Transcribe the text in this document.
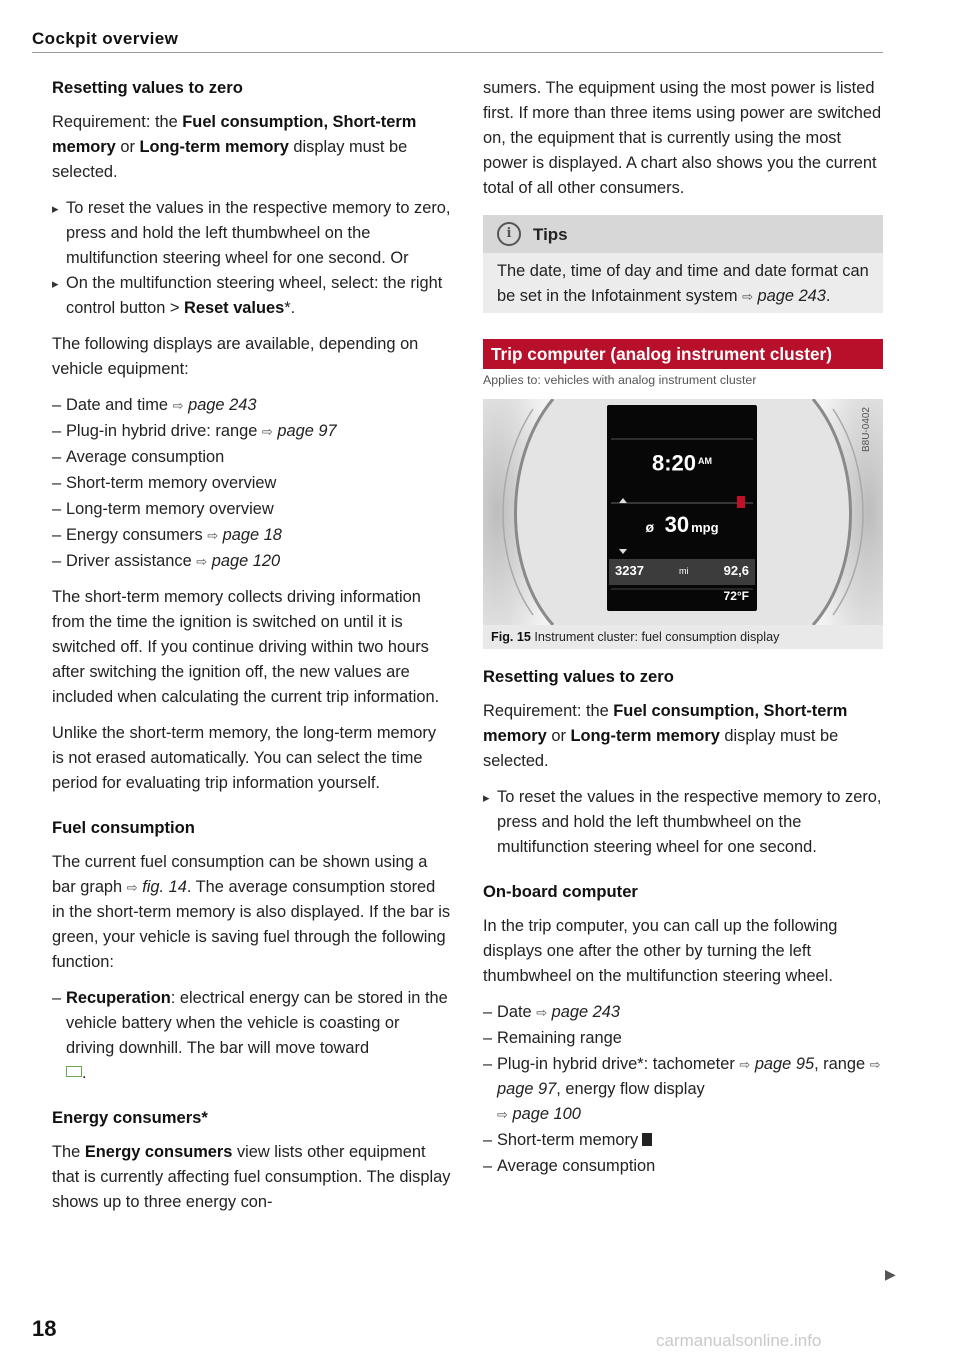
Cockpit overview
Resetting values to zero

Requirement: the Fuel consumption, Short-term memory or Long-term memory display must be selected.

▸ To reset the values in the respective memory to zero, press and hold the left thumbwheel on the multifunction steering wheel for one second. Or
▸ On the multifunction steering wheel, select: the right control button > Reset values*.

The following displays are available, depending on vehicle equipment:

– Date and time ⇨ page 243
– Plug-in hybrid drive: range ⇨ page 97
– Average consumption
– Short-term memory overview
– Long-term memory overview
– Energy consumers ⇨ page 18
– Driver assistance ⇨ page 120

The short-term memory collects driving information from the time the ignition is switched on until it is switched off. If you continue driving within two hours after switching the ignition off, the new values are included when calculating the current trip information.

Unlike the short-term memory, the long-term memory is not erased automatically. You can select the time period for evaluating trip information yourself.

Fuel consumption

The current fuel consumption can be shown using a bar graph ⇨ fig. 14. The average consumption stored in the short-term memory is also displayed. If the bar is green, your vehicle is saving fuel through the following function:

– Recuperation: electrical energy can be stored in the vehicle battery when the vehicle is coasting or driving downhill. The bar will move toward
.
Energy consumers*

The Energy consumers view lists other equipment that is currently affecting fuel consumption. The display shows up to three energy con-

sumers. The equipment using the most power is listed first. If more than three items using power are switched on, the equipment that is currently using the most power is displayed. A chart also shows you the current total of all other consumers.

i	Tips
The date, time of day and time and date format can be set in the Infotainment system ⇨ page 243.
Trip computer (analog instrument cluster)
Applies to: vehicles with analog instrument cluster
B8U-0402
8:20 $^{AM}$
ø 30 mpg
3237	mi	92,6
72°F
Fig. 15 Instrument cluster: fuel consumption display
Resetting values to zero

Requirement: the Fuel consumption, Short-term memory or Long-term memory display must be selected.

▸ To reset the values in the respective memory to zero, press and hold the left thumbwheel on the multifunction steering wheel for one second.
On-board computer

In the trip computer, you can call up the following displays one after the other by turning the left thumbwheel on the multifunction steering wheel.

– Date ⇨ page 243
– Remaining range
– Plug-in hybrid drive*: tachometer ⇨ page 95, range ⇨ page 97, energy flow display
⇨ page 100
– Short-term memory
– Average consumption
▶
18	carmanualsonline.info
